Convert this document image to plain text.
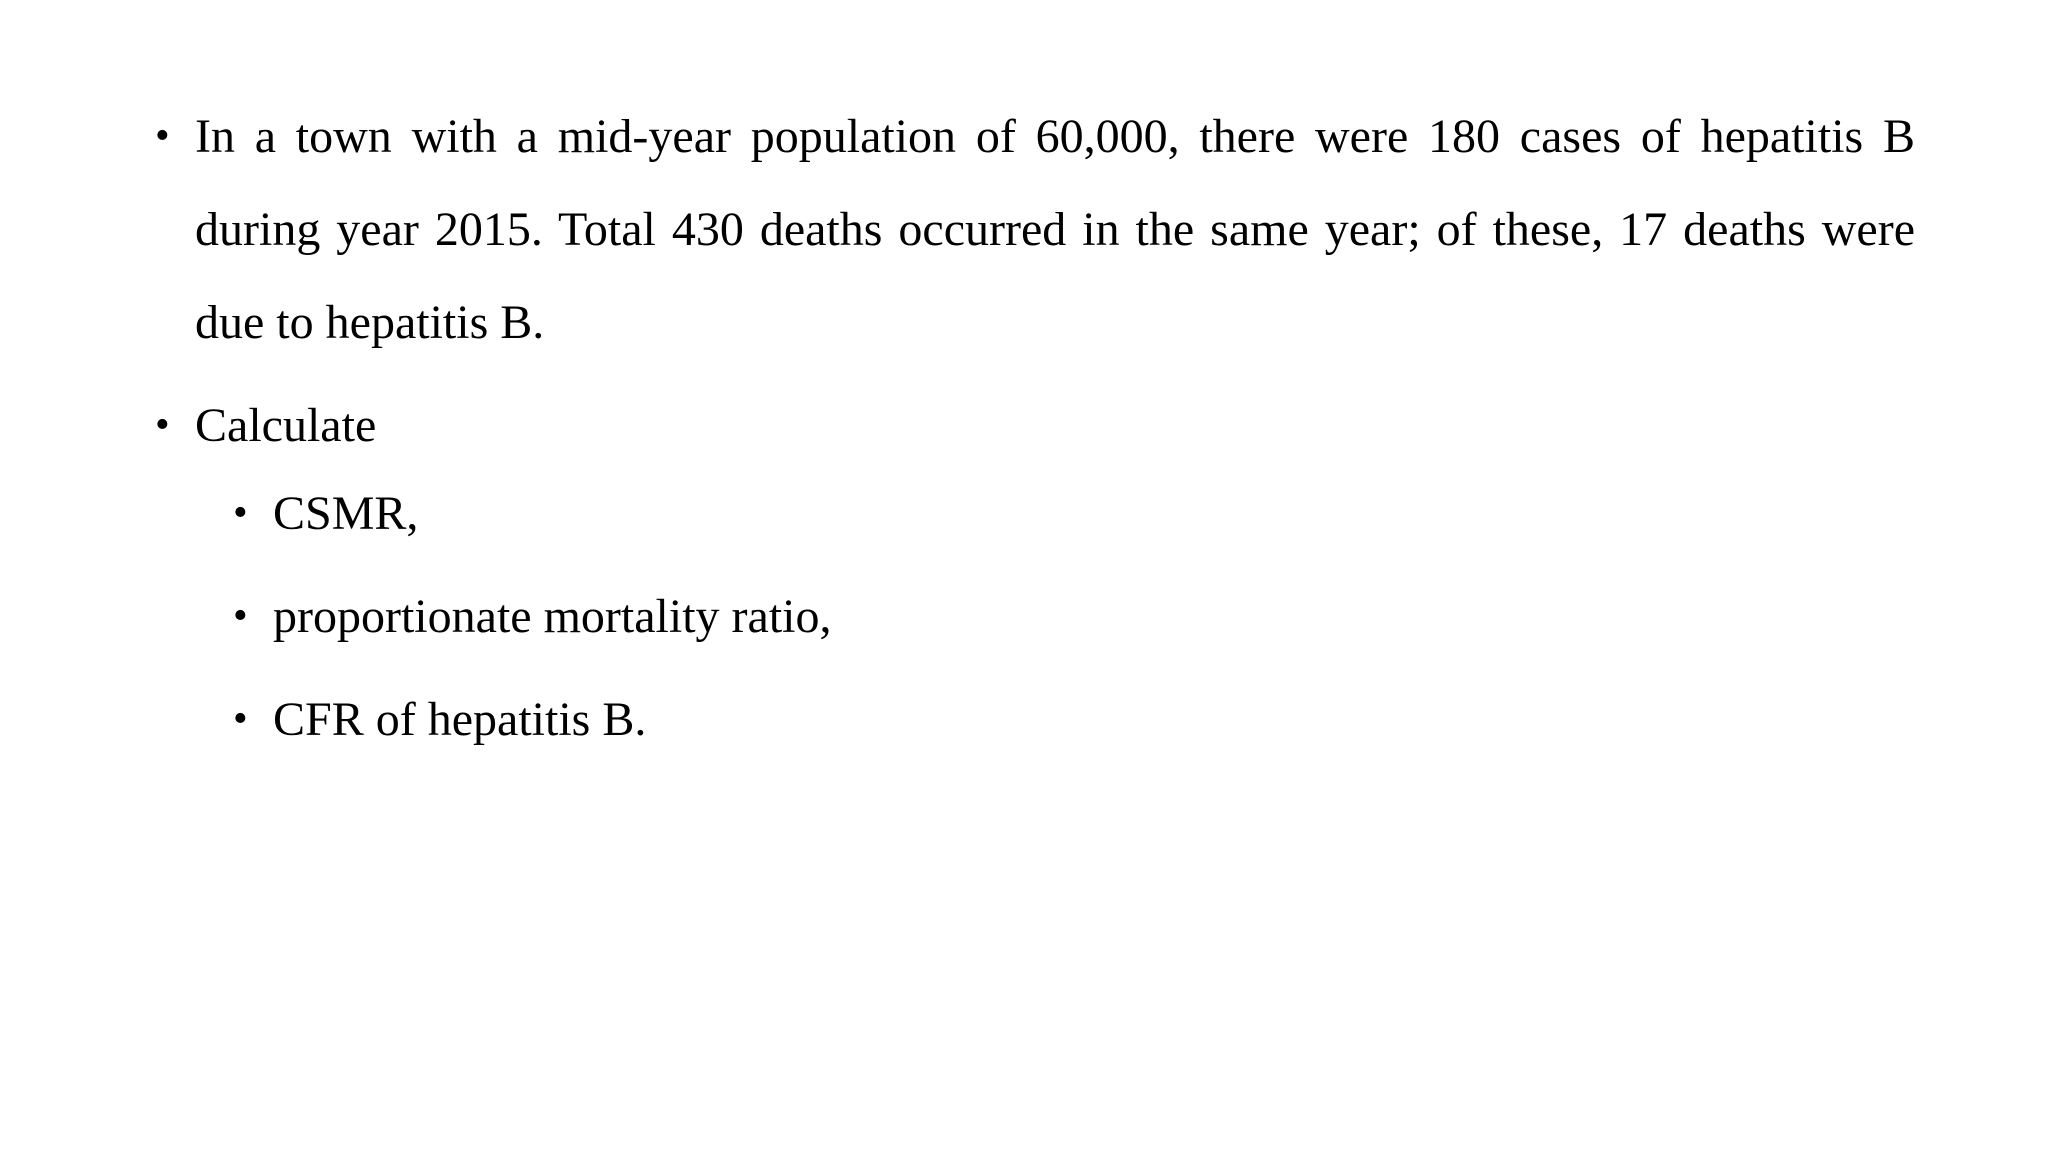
• In a town with a mid-year population of 60,000, there were 180 cases of hepatitis B during year 2015. Total 430 deaths occurred in the same year; of these, 17 deaths were due to hepatitis B.
• Calculate
• CSMR,
• proportionate mortality ratio,
• CFR of hepatitis B.
